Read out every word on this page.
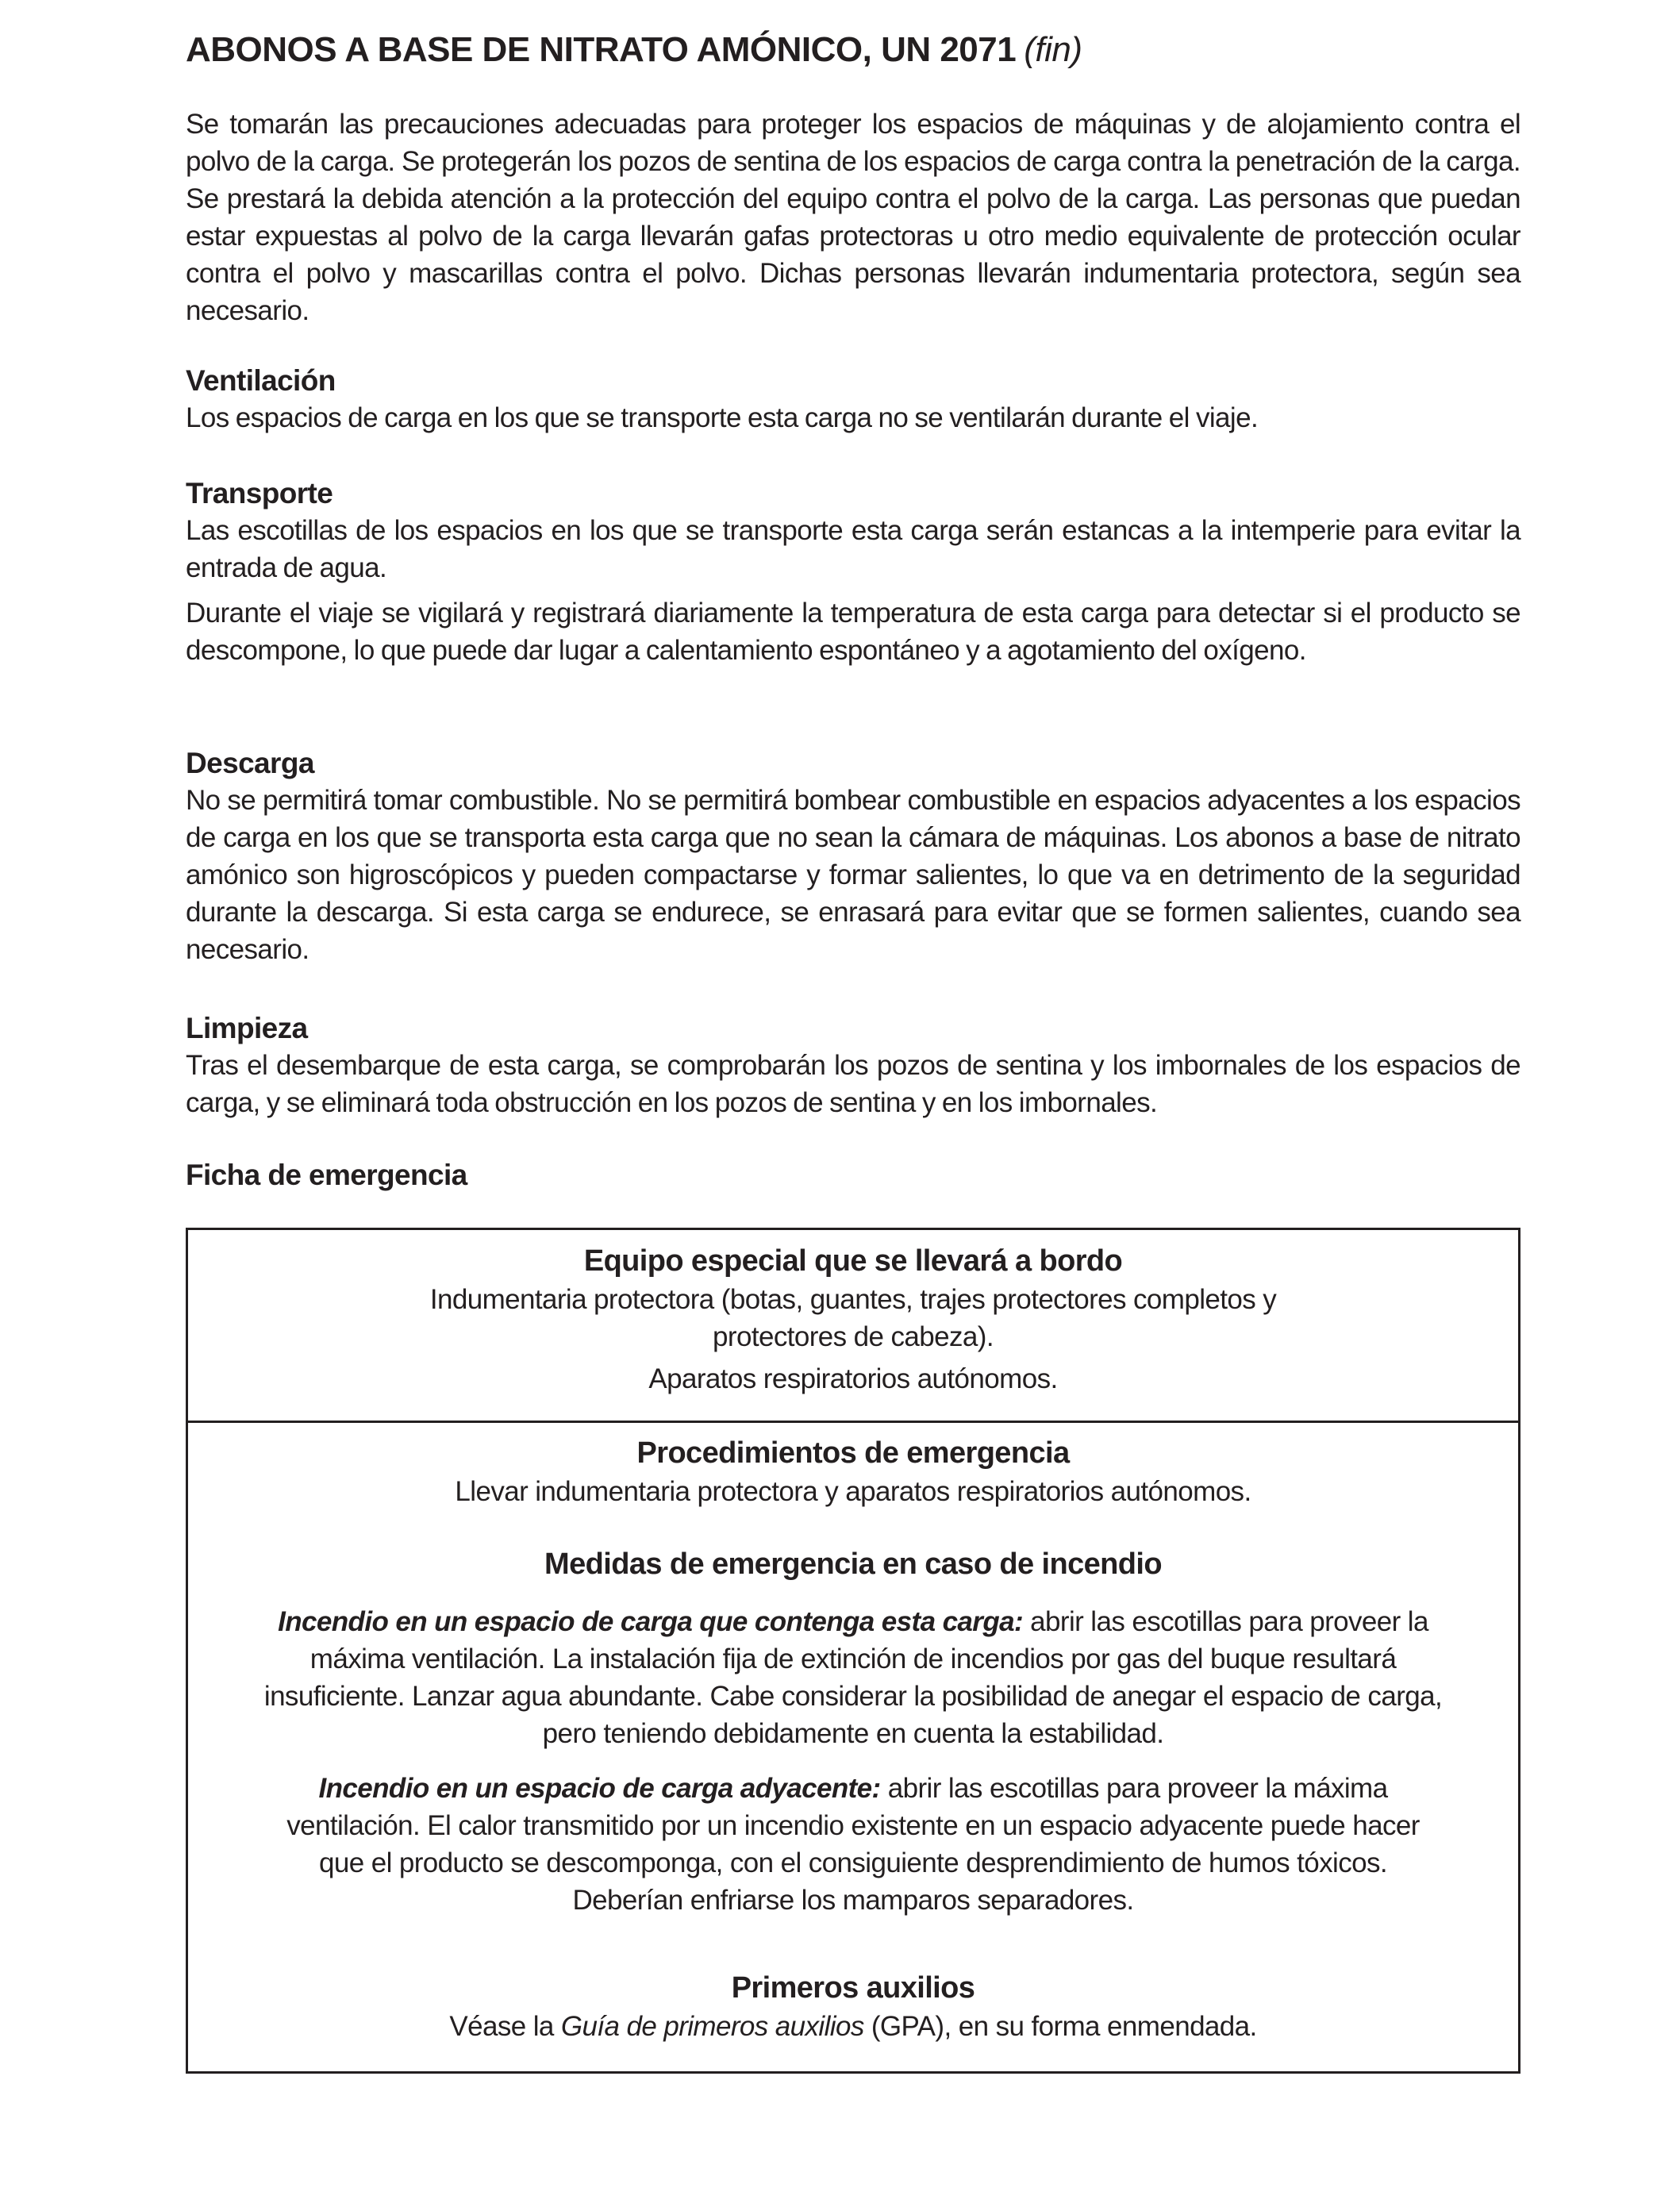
ABONOS A BASE DE NITRATO AMÓNICO, UN 2071 (fin)

Se tomarán las precauciones adecuadas para proteger los espacios de máquinas y de alojamiento contra el polvo de la carga. Se protegerán los pozos de sentina de los espacios de carga contra la penetración de la carga. Se prestará la debida atención a la protección del equipo contra el polvo de la carga. Las personas que puedan estar expuestas al polvo de la carga llevarán gafas protectoras u otro medio equivalente de protección ocular contra el polvo y mascarillas contra el polvo. Dichas personas llevarán indumentaria protectora, según sea necesario.

Ventilación

Los espacios de carga en los que se transporte esta carga no se ventilarán durante el viaje.

Transporte

Las escotillas de los espacios en los que se transporte esta carga serán estancas a la intemperie para evitar la entrada de agua.

Durante el viaje se vigilará y registrará diariamente la temperatura de esta carga para detectar si el producto se descompone, lo que puede dar lugar a calentamiento espontáneo y a agotamiento del oxígeno.

Descarga

No se permitirá tomar combustible. No se permitirá bombear combustible en espacios adyacentes a los espacios de carga en los que se transporta esta carga que no sean la cámara de máquinas. Los abonos a base de nitrato amónico son higroscópicos y pueden compactarse y formar salientes, lo que va en detrimento de la seguridad durante la descarga. Si esta carga se endurece, se enrasará para evitar que se formen salientes, cuando sea necesario.

Limpieza

Tras el desembarque de esta carga, se comprobarán los pozos de sentina y los imbornales de los espacios de carga, y se eliminará toda obstrucción en los pozos de sentina y en los imbornales.

Ficha de emergencia
Equipo especial que se llevará a bordo

Indumentaria protectora (botas, guantes, trajes protectores completos y

protectores de cabeza).

Aparatos respiratorios autónomos.

Procedimientos de emergencia

Llevar indumentaria protectora y aparatos respiratorios autónomos.

Medidas de emergencia en caso de incendio

Incendio en un espacio de carga que contenga esta carga: abrir las escotillas para proveer la máxima ventilación. La instalación fija de extinción de incendios por gas del buque resultará insuficiente. Lanzar agua abundante. Cabe considerar la posibilidad de anegar el espacio de carga, pero teniendo debidamente en cuenta la estabilidad.

Incendio en un espacio de carga adyacente: abrir las escotillas para proveer la máxima ventilación. El calor transmitido por un incendio existente en un espacio adyacente puede hacer que el producto se descomponga, con el consiguiente desprendimiento de humos tóxicos. Deberían enfriarse los mamparos separadores.

Primeros auxilios

Véase la Guía de primeros auxilios (GPA), en su forma enmendada.
